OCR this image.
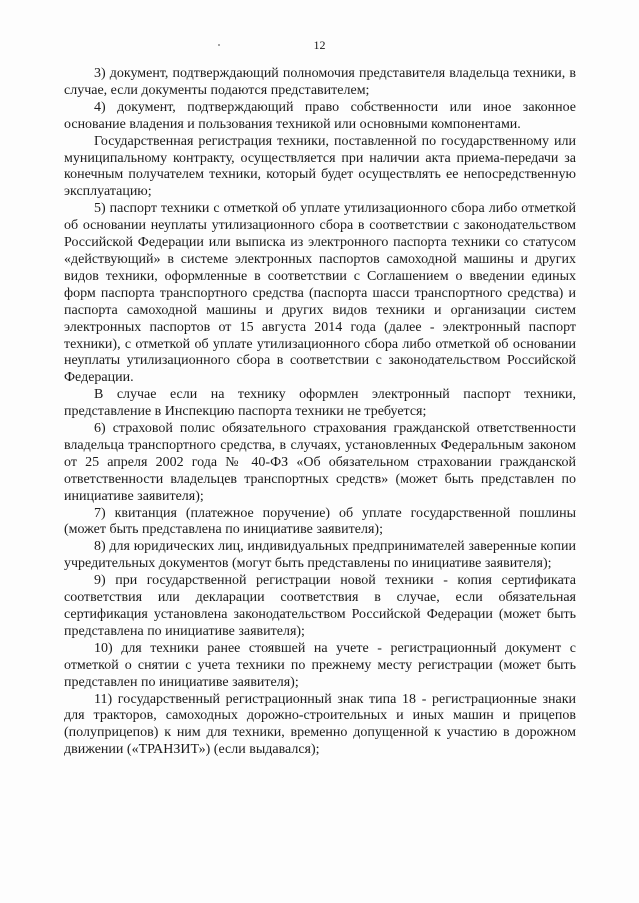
12

3) документ, подтверждающий полномочия представителя владельца техники, в случае, если документы подаются представителем;

4) документ, подтверждающий право собственности или иное законное основание владения и пользования техникой или основными компонентами.

Государственная регистрация техники, поставленной по государственному или муниципальному контракту, осуществляется при наличии акта приема-передачи за конечным получателем техники, который будет осуществлять ее непосредственную эксплуатацию;

5) паспорт техники с отметкой об уплате утилизационного сбора либо отметкой об основании неуплаты утилизационного сбора в соответствии с законодательством Российской Федерации или выписка из электронного паспорта техники со статусом «действующий» в системе электронных паспортов самоходной машины и других видов техники, оформленные в соответствии с Соглашением о введении единых форм паспорта транспортного средства (паспорта шасси транспортного средства) и паспорта самоходной машины и других видов техники и организации систем электронных паспортов от 15 августа 2014 года (далее - электронный паспорт техники), с отметкой об уплате утилизационного сбора либо отметкой об основании неуплаты утилизационного сбора в соответствии с законодательством Российской Федерации.

В случае если на технику оформлен электронный паспорт техники, представление в Инспекцию паспорта техники не требуется;

6) страховой полис обязательного страхования гражданской ответственности владельца транспортного средства, в случаях, установленных Федеральным законом от 25 апреля 2002 года № 40-ФЗ «Об обязательном страховании гражданской ответственности владельцев транспортных средств» (может быть представлен по инициативе заявителя);

7) квитанция (платежное поручение) об уплате государственной пошлины (может быть представлена по инициативе заявителя);

8) для юридических лиц, индивидуальных предпринимателей заверенные копии учредительных документов (могут быть представлены по инициативе заявителя);

9) при государственной регистрации новой техники - копия сертификата соответствия или декларации соответствия в случае, если обязательная сертификация установлена законодательством Российской Федерации (может быть представлена по инициативе заявителя);

10) для техники ранее стоявшей на учете - регистрационный документ с отметкой о снятии с учета техники по прежнему месту регистрации (может быть представлен по инициативе заявителя);

11) государственный регистрационный знак типа 18 - регистрационные знаки для тракторов, самоходных дорожно-строительных и иных машин и прицепов (полуприцепов) к ним для техники, временно допущенной к участию в дорожном движении («ТРАНЗИТ») (если выдавался);
